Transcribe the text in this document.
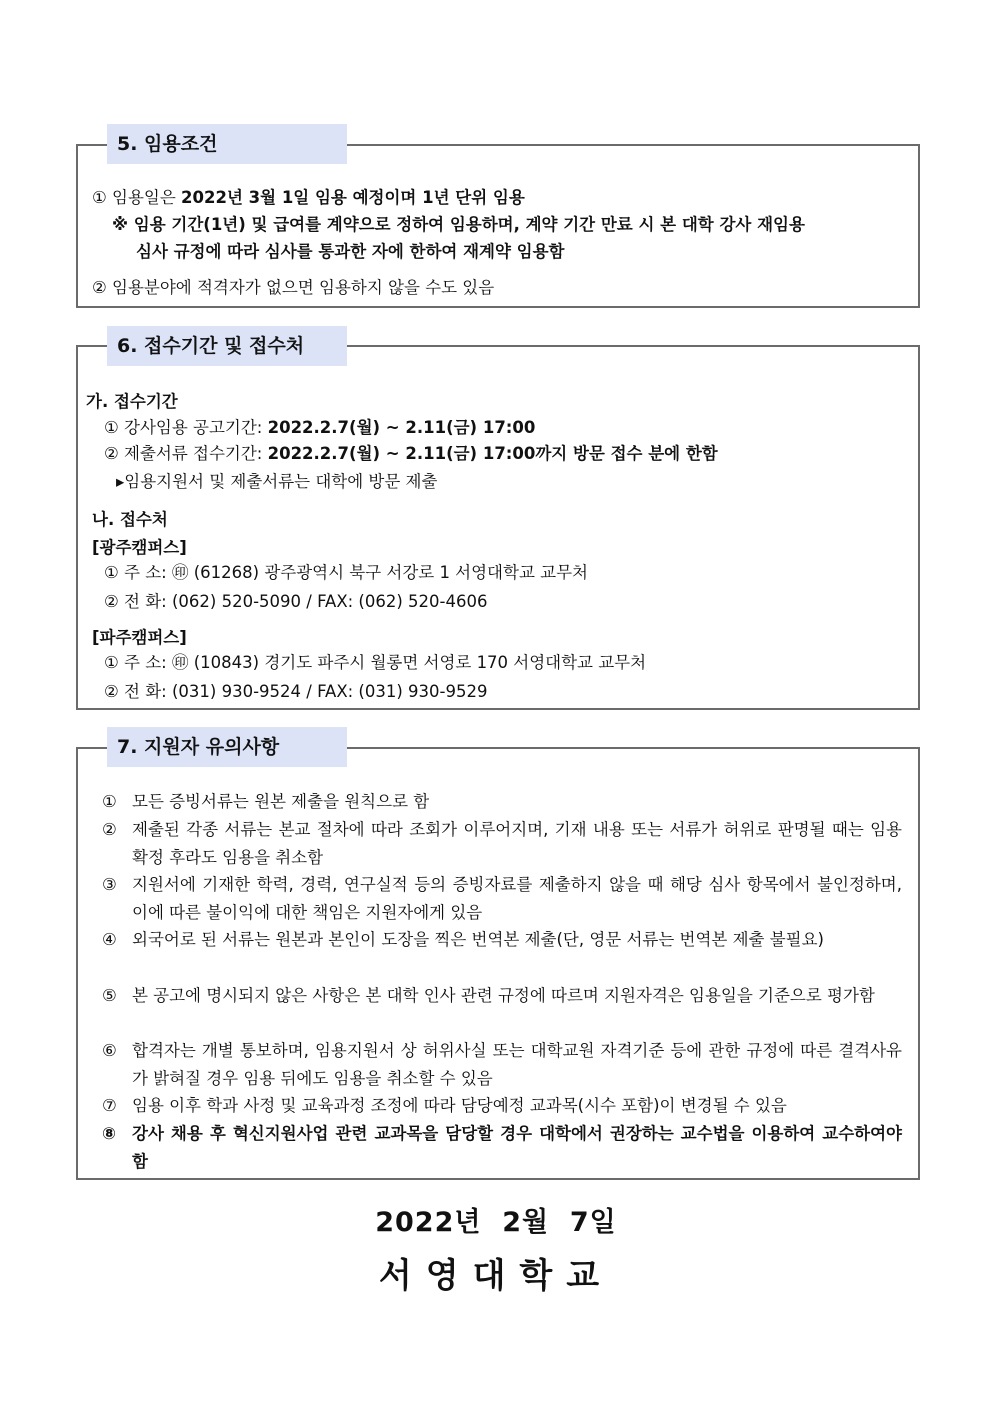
5. 임용조건
① 임용일은 2022년 3월 1일 임용 예정이며 1년 단위 임용
※ 임용 기간(1년) 및 급여를 계약으로 정하여 임용하며, 계약 기간 만료 시 본 대학 강사 재임용
심사 규정에 따라 심사를 통과한 자에 한하여 재계약 임용함
② 임용분야에 적격자가 없으면 임용하지 않을 수도 있음
6. 접수기간 및 접수처
가. 접수기간
① 강사임용 공고기간: 2022.2.7(월) ~ 2.11(금) 17:00
② 제출서류 접수기간: 2022.2.7(월) ~ 2.11(금) 17:00까지 방문 접수 분에 한함
▸임용지원서 및 제출서류는 대학에 방문 제출
나. 접수처
[광주캠퍼스]
① 주 소: ㊞ (61268) 광주광역시 북구 서강로 1 서영대학교 교무처
② 전 화: (062) 520-5090 / FAX: (062) 520-4606
[파주캠퍼스]
① 주 소: ㊞ (10843) 경기도 파주시 월롱면 서영로 170 서영대학교 교무처
② 전 화: (031) 930-9524 / FAX: (031) 930-9529
7. 지원자 유의사항
① 모든 증빙서류는 원본 제출을 원칙으로 함
② 제출된 각종 서류는 본교 절차에 따라 조회가 이루어지며, 기재 내용 또는 서류가 허위로 판명될 때는 임용 확정 후라도 임용을 취소함
③ 지원서에 기재한 학력, 경력, 연구실적 등의 증빙자료를 제출하지 않을 때 해당 심사 항목에서 불인정하며, 이에 따른 불이익에 대한 책임은 지원자에게 있음
④ 외국어로 된 서류는 원본과 본인이 도장을 찍은 번역본 제출(단, 영문 서류는 번역본 제출 불필요)
⑤ 본 공고에 명시되지 않은 사항은 본 대학 인사 관련 규정에 따르며 지원자격은 임용일을 기준으로 평가함
⑥ 합격자는 개별 통보하며, 임용지원서 상 허위사실 또는 대학교원 자격기준 등에 관한 규정에 따른 결격사유가 밝혀질 경우 임용 뒤에도 임용을 취소할 수 있음
⑦ 임용 이후 학과 사정 및 교육과정 조정에 따라 담당예정 교과목(시수 포함)이 변경될 수 있음
⑧ 강사 채용 후 혁신지원사업 관련 교과목을 담당할 경우 대학에서 권장하는 교수법을 이용하여 교수하여야 함
2022년  2월  7일
서영대학교
